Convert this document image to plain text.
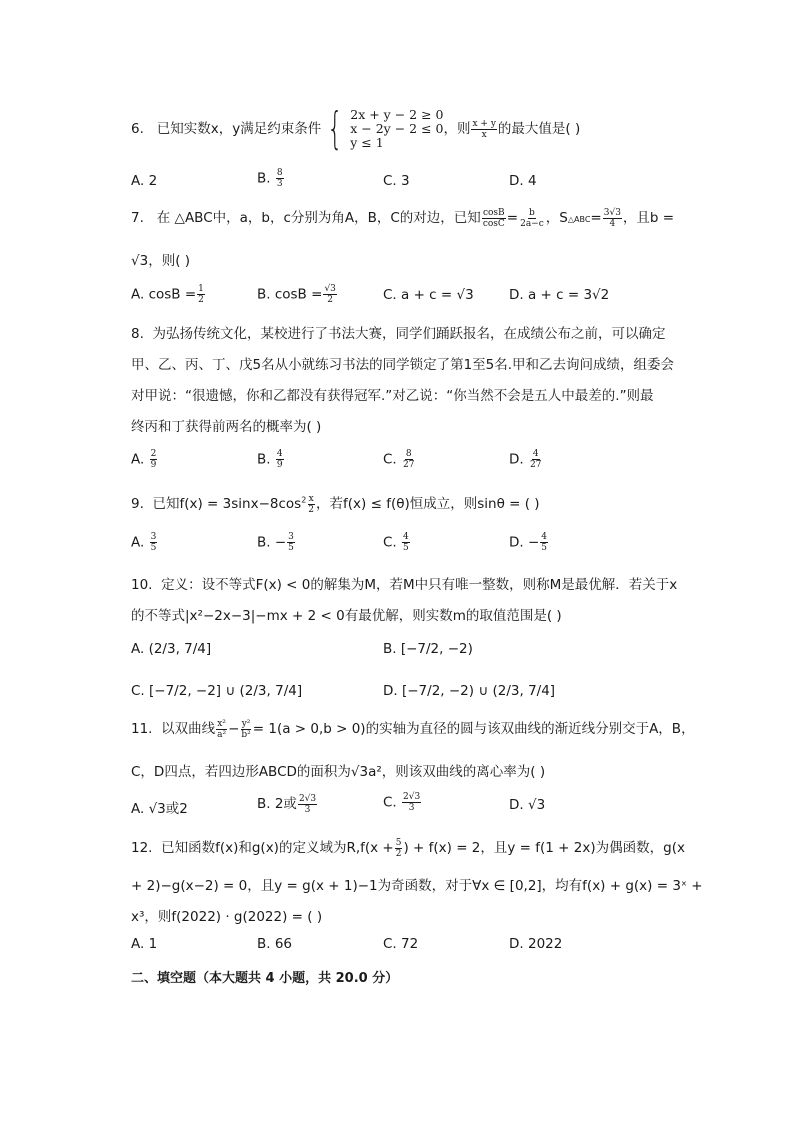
6. 已知实数x，y满足约束条件 { 2x + y − 2 ≥ 0
x − 2y − 2 ≤ 0
y ≤ 1
，则 $\frac{x + y}{x}$ 的最大值是( )
A. 2	B. $\frac{8}{3}$	C. 3	D. 4
7. 在 △ABC中，a，b，c分别为角A，B，C的对边，已知 $\frac{\cos B}{\cos C} = \frac{b}{2a-c}$ ，S△ABC= $\frac{3√3}{4}$ ，且b =
√3，则( )
A. $\cos B = \frac{1}{2}$	B. $\cos B = \frac{√3}{2}$	C. a + c = √3	D. a + c = 3√2
8. 为弘扬传统文化，某校进行了书法大赛，同学们踊跃报名，在成绩公布之前，可以确定
甲、乙、丙、丁、戊5名从小就练习书法的同学锁定了第1至5名.甲和乙去询问成绩，组委会
对甲说：“很遗憾，你和乙都没有获得冠军.”对乙说：“你当然不会是五人中最差的.”则最
终丙和丁获得前两名的概率为( )
A. $\frac{2}{9}$	B. $\frac{4}{9}$	C. $\frac{8}{27}$	D. $\frac{4}{27}$
9. 已知$f(x) = 3\sin x-8\cos^2 \frac{x}{2}$ ，若f(x) ≤ f(θ)恒成立，则sinθ = ( )
A. $\frac{3}{5}$	B. − $\frac{3}{5}$	C. $\frac{4}{5}$	D. − $\frac{4}{5}$
10. 定义：设不等式F(x) < 0的解集为M，若M中只有唯一整数，则称M是最优解．若关于x
的不等式|x²−2x−3|−mx + 2 < 0有最优解，则实数m的取值范围是( )
A. (2/3, 7/4]	B. [−7/2, −2)
C. [−7/2, −2] ∪ (2/3, 7/4]	D. [−7/2, −2) ∪ (2/3, 7/4]
11. 以双曲线 $\frac{\text{x²}}{\text{a²}} - \frac{\text{y²}}{\text{b²}} = 1(a > 0,b > 0)$的实轴为直径的圆与该双曲线的渐近线分别交于A，B，
C，D四点，若四边形ABCD的面积为√3a²，则该双曲线的离心率为( )
A. √3或2	B. 2或 $\frac{2√3}{3}$	C. $\frac{2√3}{3}$	D. √3
12. 已知函数f(x)和g(x)的定义域为$R,f(x + \frac{5}{2}$ ) + f(x) = 2，且y = f(1 + 2x)为偶函数，g(x
+ 2)−g(x−2) = 0，且y = g(x + 1)−1为奇函数，对于∀x ∈ [0,2]，均有f(x) + g(x) = 3ˣ +
x³，则f(2022) · g(2022) = ( )
A. 1	B. 66	C. 72	D. 2022
二、填空题（本大题共 4 小题，共 20.0 分）
